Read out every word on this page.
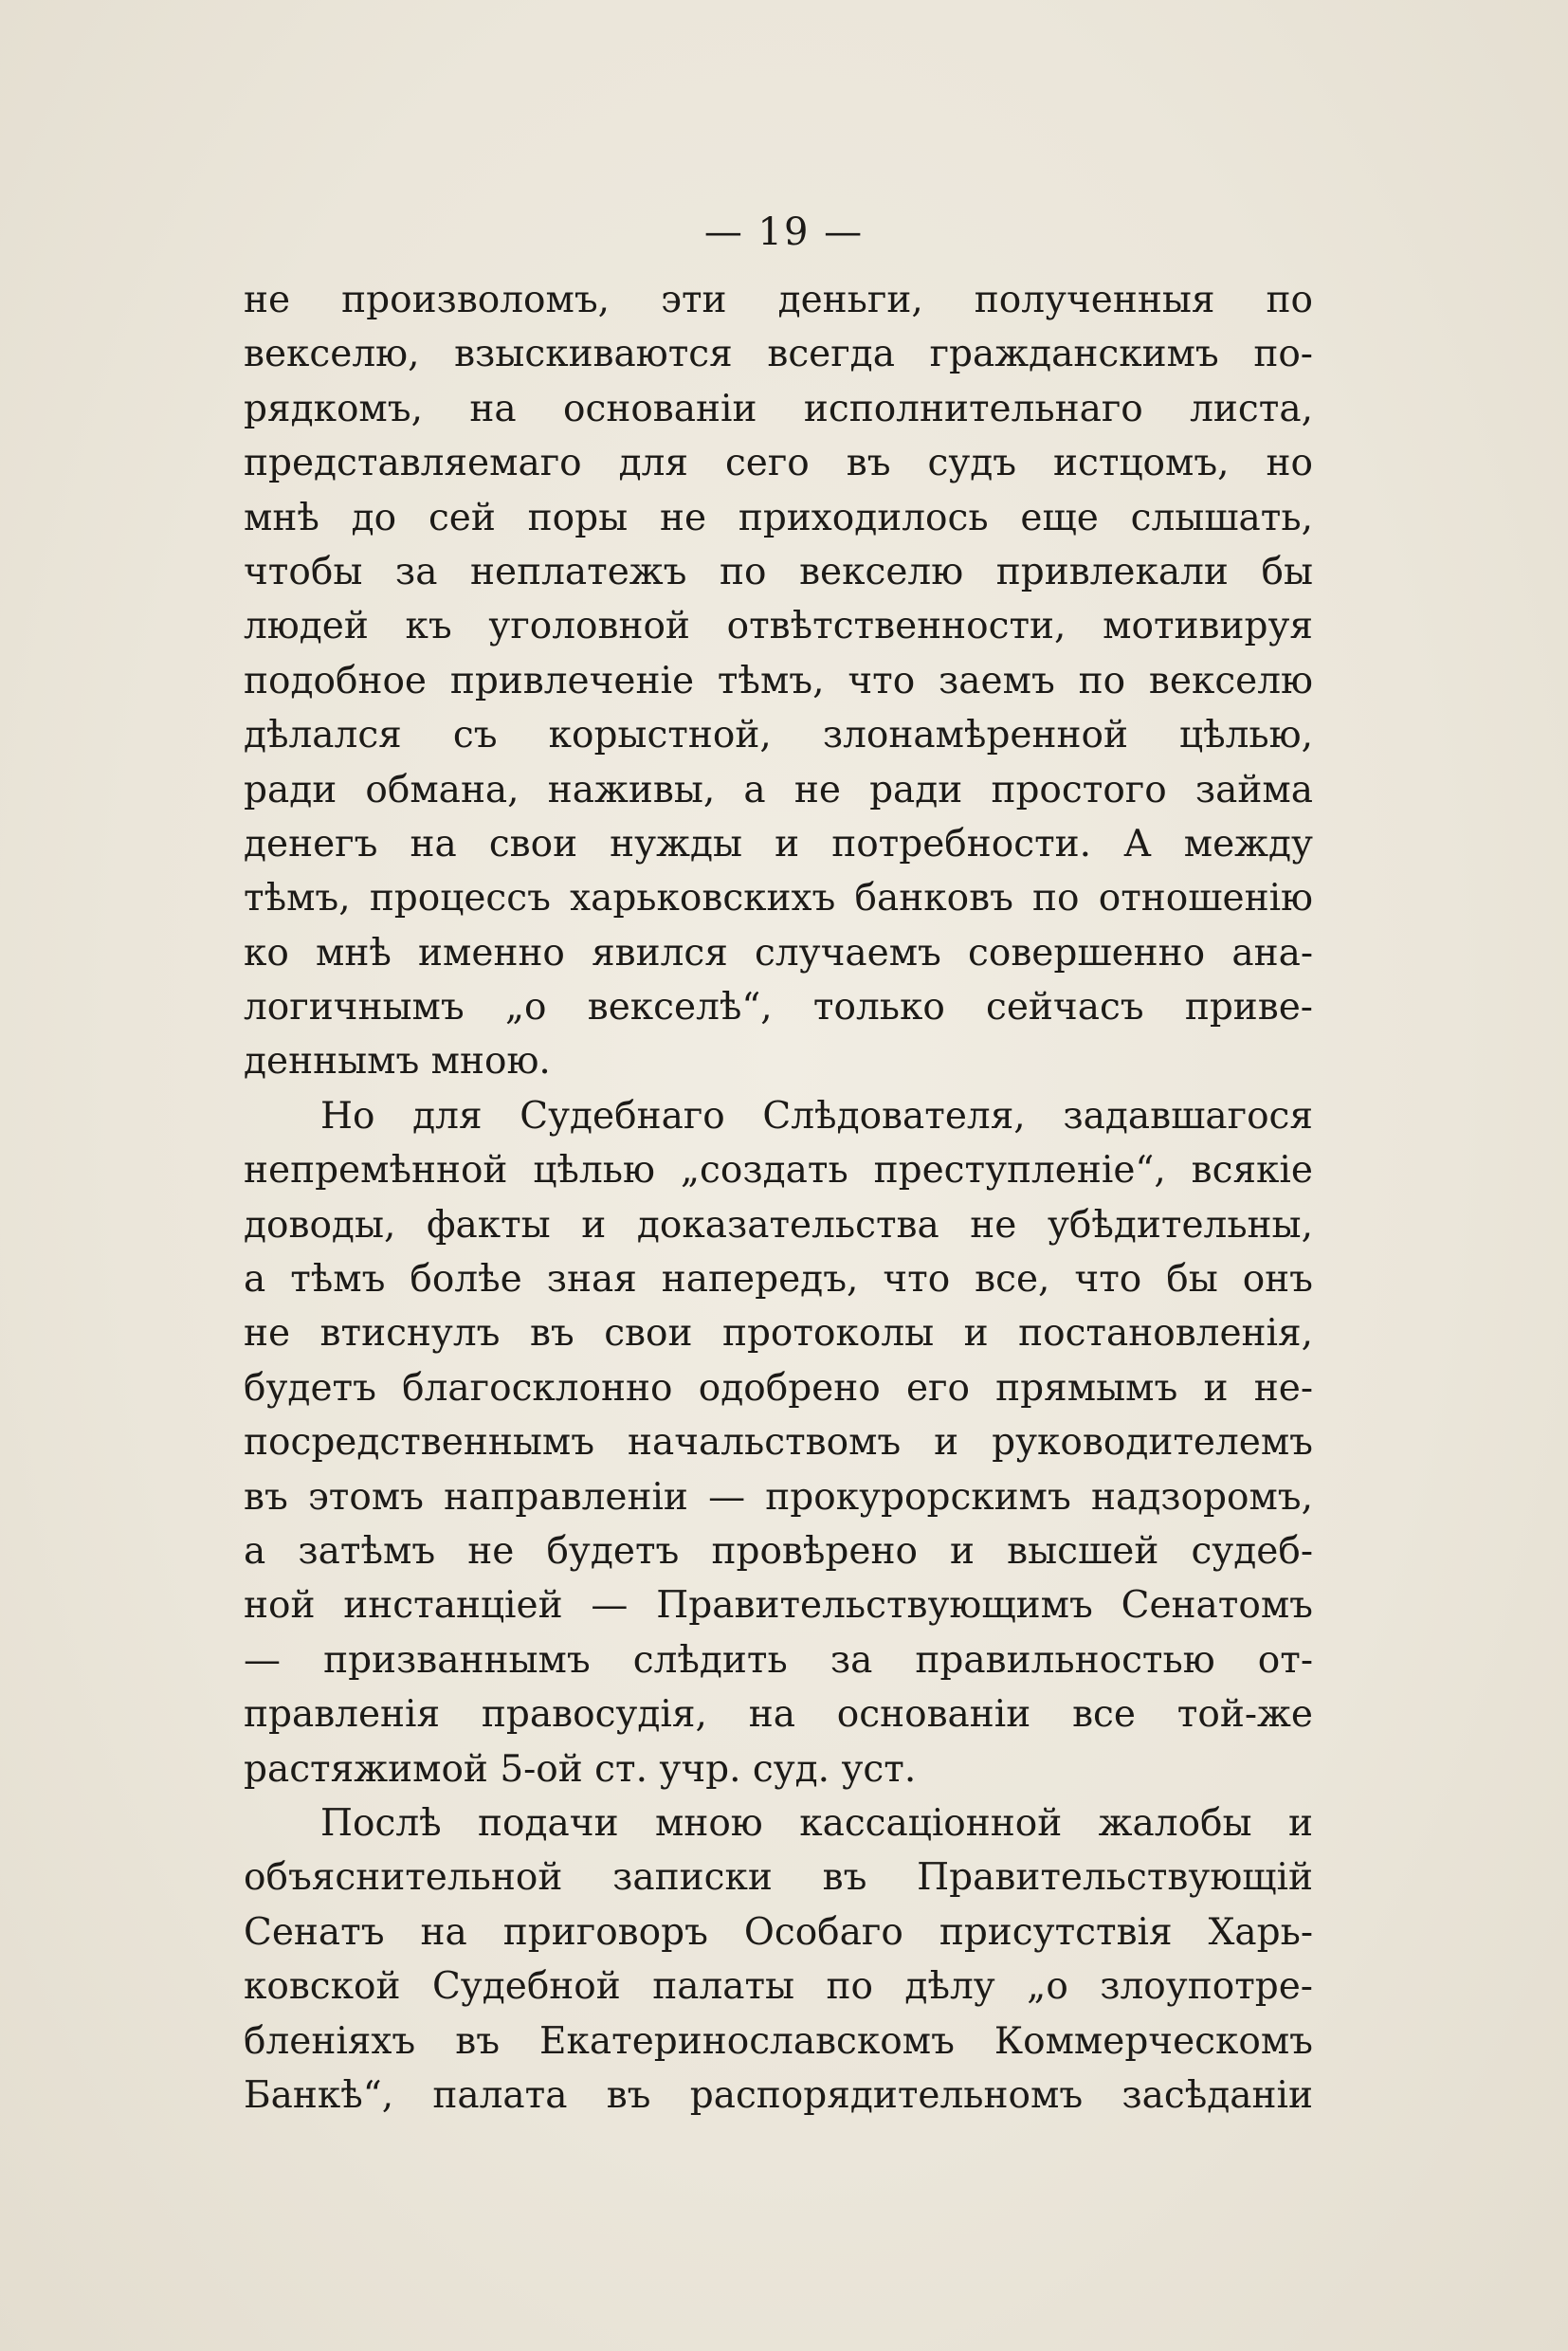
— 19 —
не произволомъ, эти деньги, полученныя по
векселю, взыскиваются всегда гражданскимъ по-
рядкомъ, на основанiи исполнительнаго листа,
представляемаго для сего въ судъ истцомъ, но
мнѣ до сей поры не приходилось еще слышать,
чтобы за неплатежъ по векселю привлекали бы
людей къ уголовной отвѣтственности, мотивируя
подобное привлеченiе тѣмъ, что заемъ по векселю
дѣлался съ корыстной, злонамѣренной цѣлью,
ради обмана, наживы, а не ради простого займа
денегъ на свои нужды и потребности. А между
тѣмъ, процессъ харьковскихъ банковъ по отношенiю
ко мнѣ именно явился случаемъ совершенно ана-
логичнымъ „о векселѣ“, только сейчасъ приве-
деннымъ мною.
Но для Судебнаго Слѣдователя, задавшагося
непремѣнной цѣлью „создать преступленiе“, всякiе
доводы, факты и доказательства не убѣдительны,
а тѣмъ болѣе зная напередъ, что все, что бы онъ
не втиснулъ въ свои протоколы и постановленiя,
будетъ благосклонно одобрено его прямымъ и не-
посредственнымъ начальствомъ и руководителемъ
въ этомъ направленiи — прокурорскимъ надзоромъ,
а затѣмъ не будетъ провѣрено и высшей судеб-
ной инстанцiей — Правительствующимъ Сенатомъ
— призваннымъ слѣдить за правильностью от-
правленiя правосудiя, на основанiи все той-же
растяжимой 5-ой ст. учр. суд. уст.
Послѣ подачи мною кассацiонной жалобы и
объяснительной записки въ Правительствующiй
Сенатъ на приговоръ Особаго присутствiя Харь-
ковской Судебной палаты по дѣлу „о злоупотре-
бленiяхъ въ Екатеринославскомъ Коммерческомъ
Банкѣ“, палата въ распорядительномъ засѣданiи
